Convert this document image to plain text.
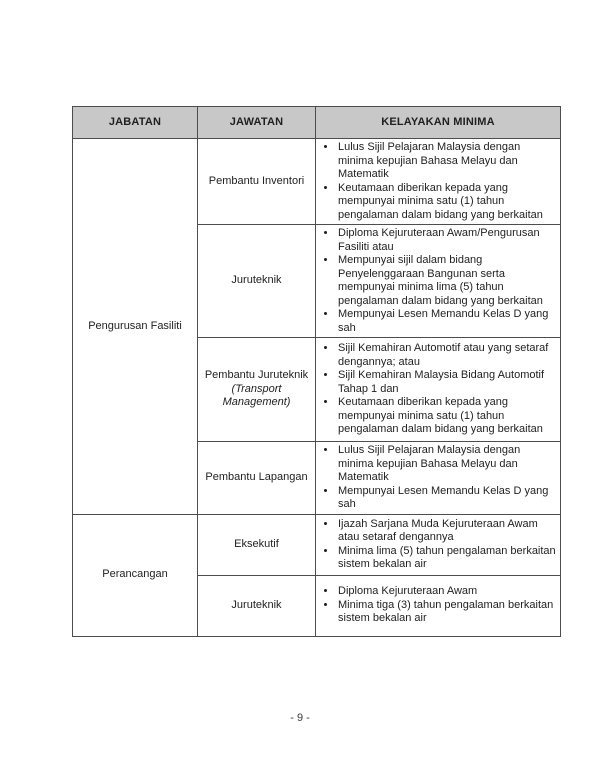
JABATAN	JAWATAN	KELAYAKAN MINIMA
Pengurusan Fasiliti	Pembantu Inventori	
• Lulus Sijil Pelajaran Malaysia dengan minima kepujian Bahasa Melayu dan Matematik
• Keutamaan diberikan kepada yang mempunyai minima satu (1) tahun pengalaman dalam bidang yang berkaitan

Juruteknik	
• Diploma Kejuruteraan Awam/Pengurusan Fasiliti atau
• Mempunyai sijil dalam bidang Penyelenggaraan Bangunan serta mempunyai minima lima (5) tahun pengalaman dalam bidang yang berkaitan
• Mempunyai Lesen Memandu Kelas D yang sah

Pembantu Juruteknik
(Transport Management)

• Sijil Kemahiran Automotif atau yang setaraf dengannya; atau
• Sijil Kemahiran Malaysia Bidang Automotif Tahap 1 dan
• Keutamaan diberikan kepada yang mempunyai minima satu (1) tahun pengalaman dalam bidang yang berkaitan

Pembantu Lapangan	
• Lulus Sijil Pelajaran Malaysia dengan minima kepujian Bahasa Melayu dan Matematik
• Mempunyai Lesen Memandu Kelas D yang sah

Perancangan	Eksekutif	
• Ijazah Sarjana Muda Kejuruteraan Awam atau setaraf dengannya
• Minima lima (5) tahun pengalaman berkaitan sistem bekalan air

Juruteknik	
• Diploma Kejuruteraan Awam
• Minima tiga (3) tahun pengalaman berkaitan sistem bekalan air
- 9 -
